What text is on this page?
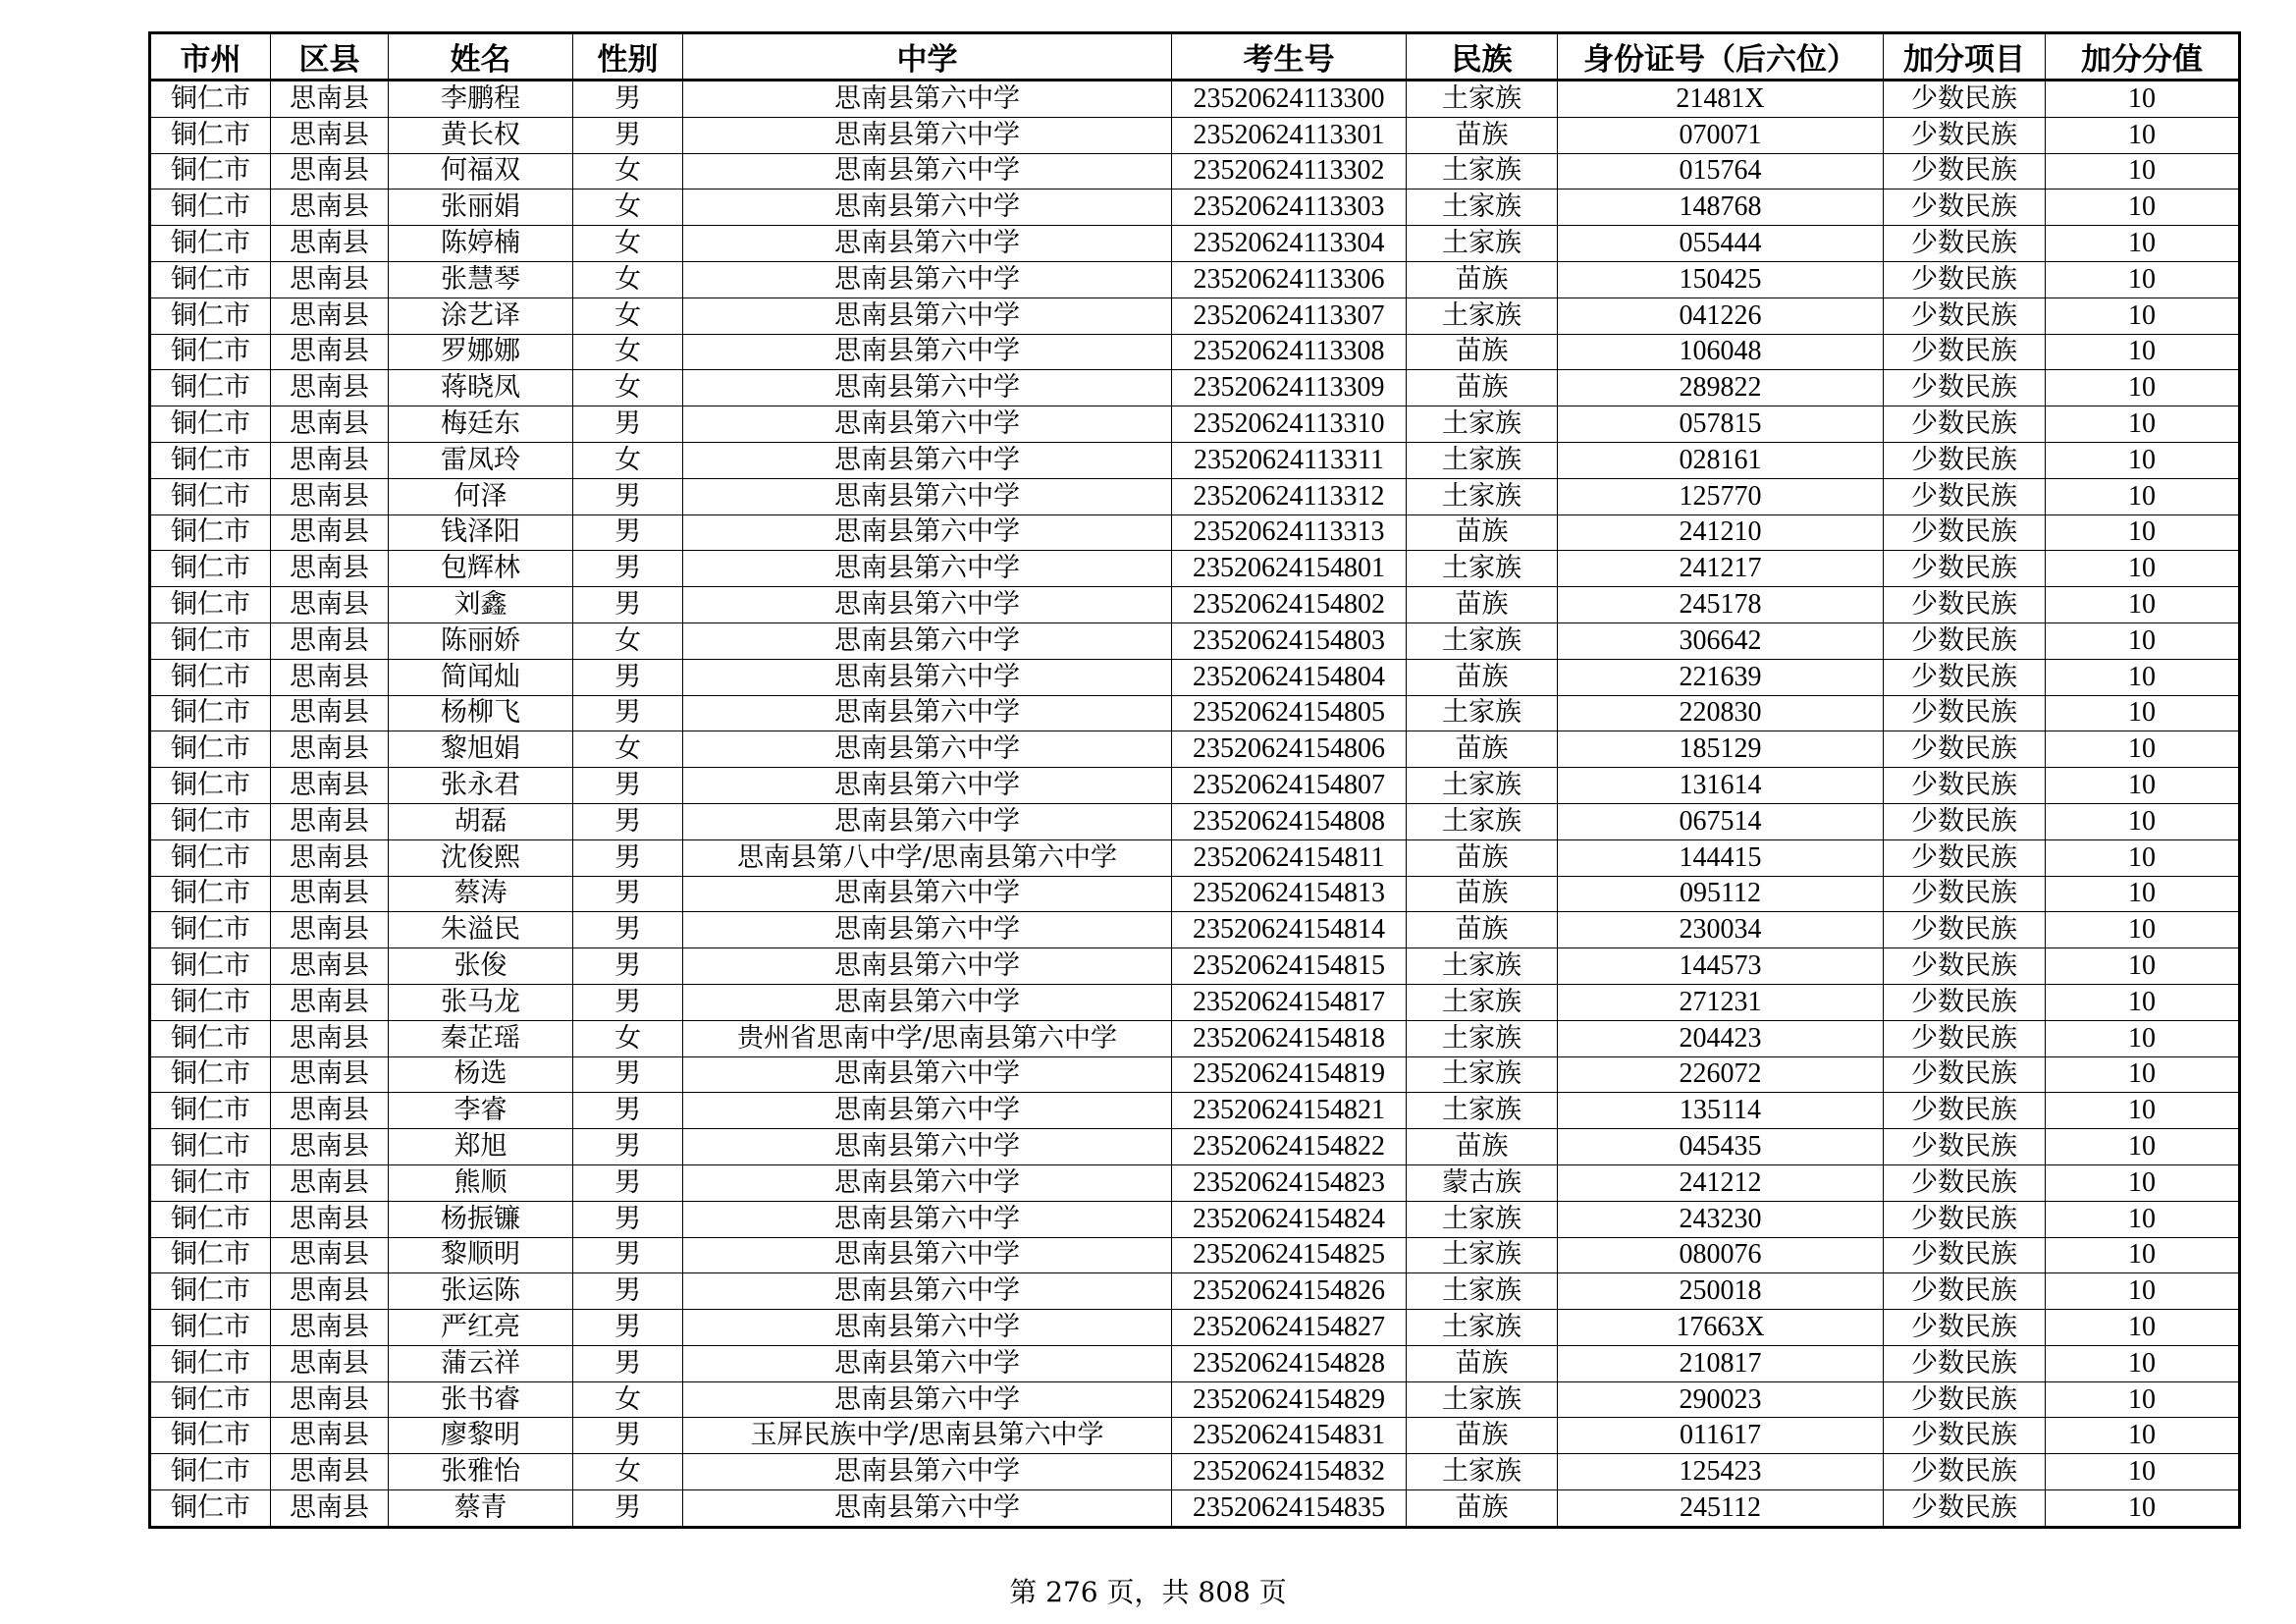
市州	区县	姓名	性别	中学	考生号	民族	身份证号（后六位）	加分项目	加分分值
铜仁市	思南县	李鹏程	男	思南县第六中学	23520624113300	土家族	21481X	少数民族	10
铜仁市	思南县	黄长权	男	思南县第六中学	23520624113301	苗族	070071	少数民族	10
铜仁市	思南县	何福双	女	思南县第六中学	23520624113302	土家族	015764	少数民族	10
铜仁市	思南县	张丽娟	女	思南县第六中学	23520624113303	土家族	148768	少数民族	10
铜仁市	思南县	陈婷楠	女	思南县第六中学	23520624113304	土家族	055444	少数民族	10
铜仁市	思南县	张慧琴	女	思南县第六中学	23520624113306	苗族	150425	少数民族	10
铜仁市	思南县	涂艺译	女	思南县第六中学	23520624113307	土家族	041226	少数民族	10
铜仁市	思南县	罗娜娜	女	思南县第六中学	23520624113308	苗族	106048	少数民族	10
铜仁市	思南县	蒋晓凤	女	思南县第六中学	23520624113309	苗族	289822	少数民族	10
铜仁市	思南县	梅廷东	男	思南县第六中学	23520624113310	土家族	057815	少数民族	10
铜仁市	思南县	雷凤玲	女	思南县第六中学	23520624113311	土家族	028161	少数民族	10
铜仁市	思南县	何泽	男	思南县第六中学	23520624113312	土家族	125770	少数民族	10
铜仁市	思南县	钱泽阳	男	思南县第六中学	23520624113313	苗族	241210	少数民族	10
铜仁市	思南县	包辉林	男	思南县第六中学	23520624154801	土家族	241217	少数民族	10
铜仁市	思南县	刘鑫	男	思南县第六中学	23520624154802	苗族	245178	少数民族	10
铜仁市	思南县	陈丽娇	女	思南县第六中学	23520624154803	土家族	306642	少数民族	10
铜仁市	思南县	简闻灿	男	思南县第六中学	23520624154804	苗族	221639	少数民族	10
铜仁市	思南县	杨柳飞	男	思南县第六中学	23520624154805	土家族	220830	少数民族	10
铜仁市	思南县	黎旭娟	女	思南县第六中学	23520624154806	苗族	185129	少数民族	10
铜仁市	思南县	张永君	男	思南县第六中学	23520624154807	土家族	131614	少数民族	10
铜仁市	思南县	胡磊	男	思南县第六中学	23520624154808	土家族	067514	少数民族	10
铜仁市	思南县	沈俊熙	男	思南县第八中学/思南县第六中学	23520624154811	苗族	144415	少数民族	10
铜仁市	思南县	蔡涛	男	思南县第六中学	23520624154813	苗族	095112	少数民族	10
铜仁市	思南县	朱溢民	男	思南县第六中学	23520624154814	苗族	230034	少数民族	10
铜仁市	思南县	张俊	男	思南县第六中学	23520624154815	土家族	144573	少数民族	10
铜仁市	思南县	张马龙	男	思南县第六中学	23520624154817	土家族	271231	少数民族	10
铜仁市	思南县	秦芷瑶	女	贵州省思南中学/思南县第六中学	23520624154818	土家族	204423	少数民族	10
铜仁市	思南县	杨选	男	思南县第六中学	23520624154819	土家族	226072	少数民族	10
铜仁市	思南县	李睿	男	思南县第六中学	23520624154821	土家族	135114	少数民族	10
铜仁市	思南县	郑旭	男	思南县第六中学	23520624154822	苗族	045435	少数民族	10
铜仁市	思南县	熊顺	男	思南县第六中学	23520624154823	蒙古族	241212	少数民族	10
铜仁市	思南县	杨振镰	男	思南县第六中学	23520624154824	土家族	243230	少数民族	10
铜仁市	思南县	黎顺明	男	思南县第六中学	23520624154825	土家族	080076	少数民族	10
铜仁市	思南县	张运陈	男	思南县第六中学	23520624154826	土家族	250018	少数民族	10
铜仁市	思南县	严红亮	男	思南县第六中学	23520624154827	土家族	17663X	少数民族	10
铜仁市	思南县	蒲云祥	男	思南县第六中学	23520624154828	苗族	210817	少数民族	10
铜仁市	思南县	张书睿	女	思南县第六中学	23520624154829	土家族	290023	少数民族	10
铜仁市	思南县	廖黎明	男	玉屏民族中学/思南县第六中学	23520624154831	苗族	011617	少数民族	10
铜仁市	思南县	张雅怡	女	思南县第六中学	23520624154832	土家族	125423	少数民族	10
铜仁市	思南县	蔡青	男	思南县第六中学	23520624154835	苗族	245112	少数民族	10
第 276 页，共 808 页
